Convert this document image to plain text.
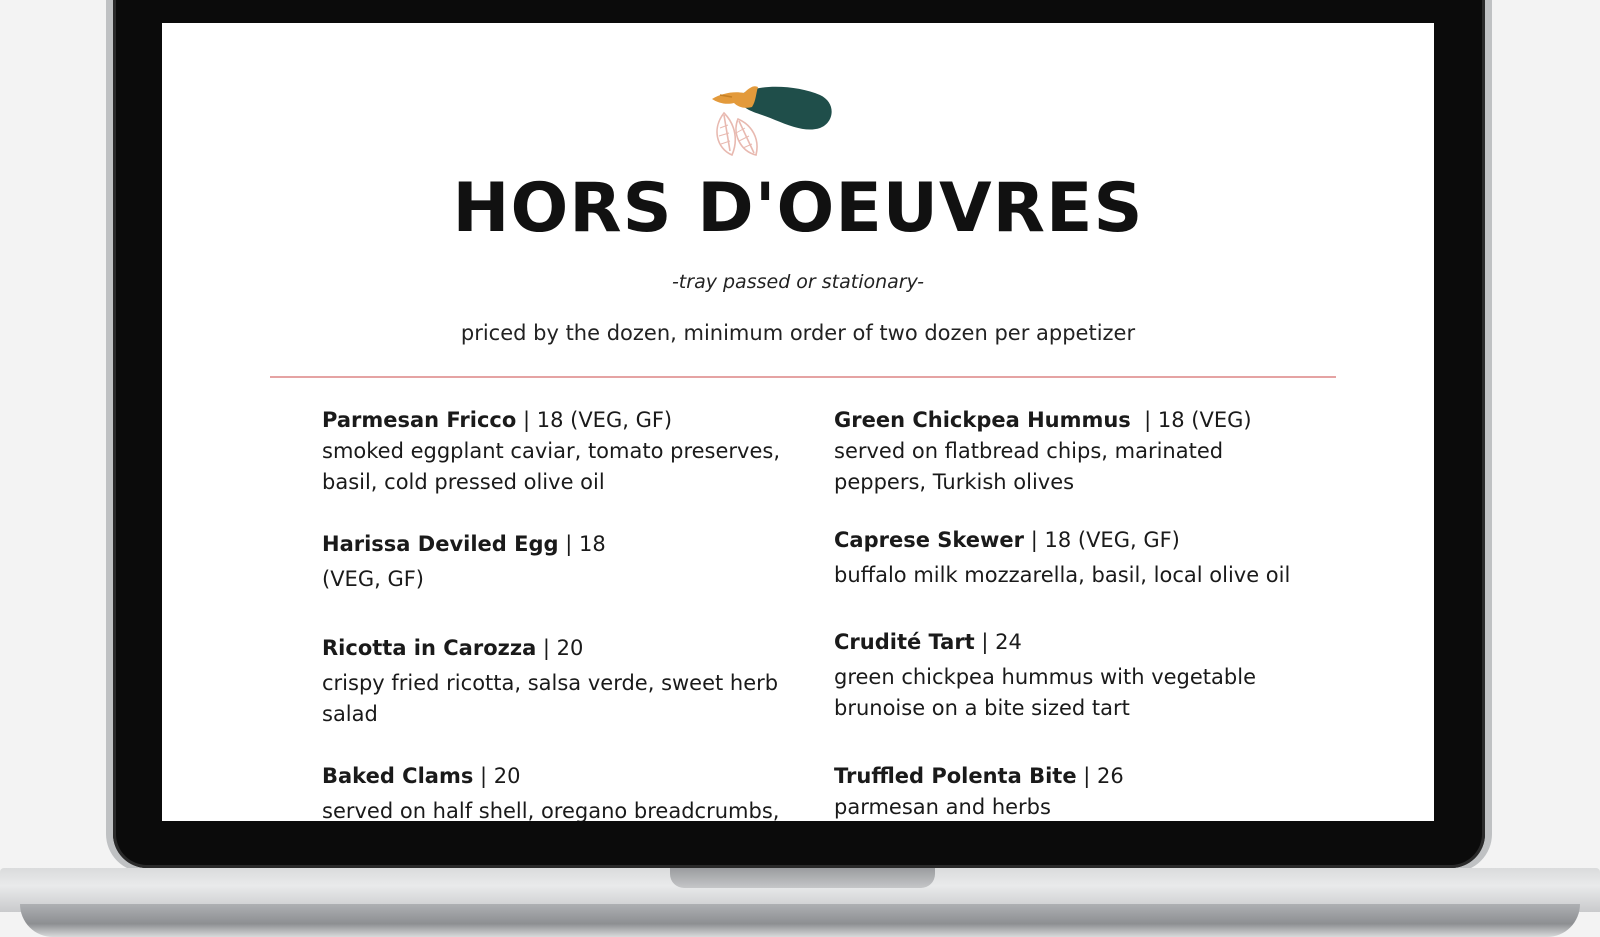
HORS D'OEUVRES
-tray passed or stationary-
priced by the dozen, minimum order of two dozen per appetizer
Parmesan Fricco | 18 (VEG, GF)
smoked eggplant caviar, tomato preserves, basil, cold pressed olive oil
Harissa Deviled Egg | 18
(VEG, GF)
Ricotta in Carozza | 20
crispy fried ricotta, salsa verde, sweet herb salad
Baked Clams | 20
served on half shell, oregano breadcrumbs,
Green Chickpea Hummus  | 18 (VEG)
served on flatbread chips, marinated peppers, Turkish olives
Caprese Skewer | 18 (VEG, GF)
buffalo milk mozzarella, basil, local olive oil
Crudité Tart | 24
green chickpea hummus with vegetable brunoise on a bite sized tart
Truffled Polenta Bite | 26
parmesan and herbs
